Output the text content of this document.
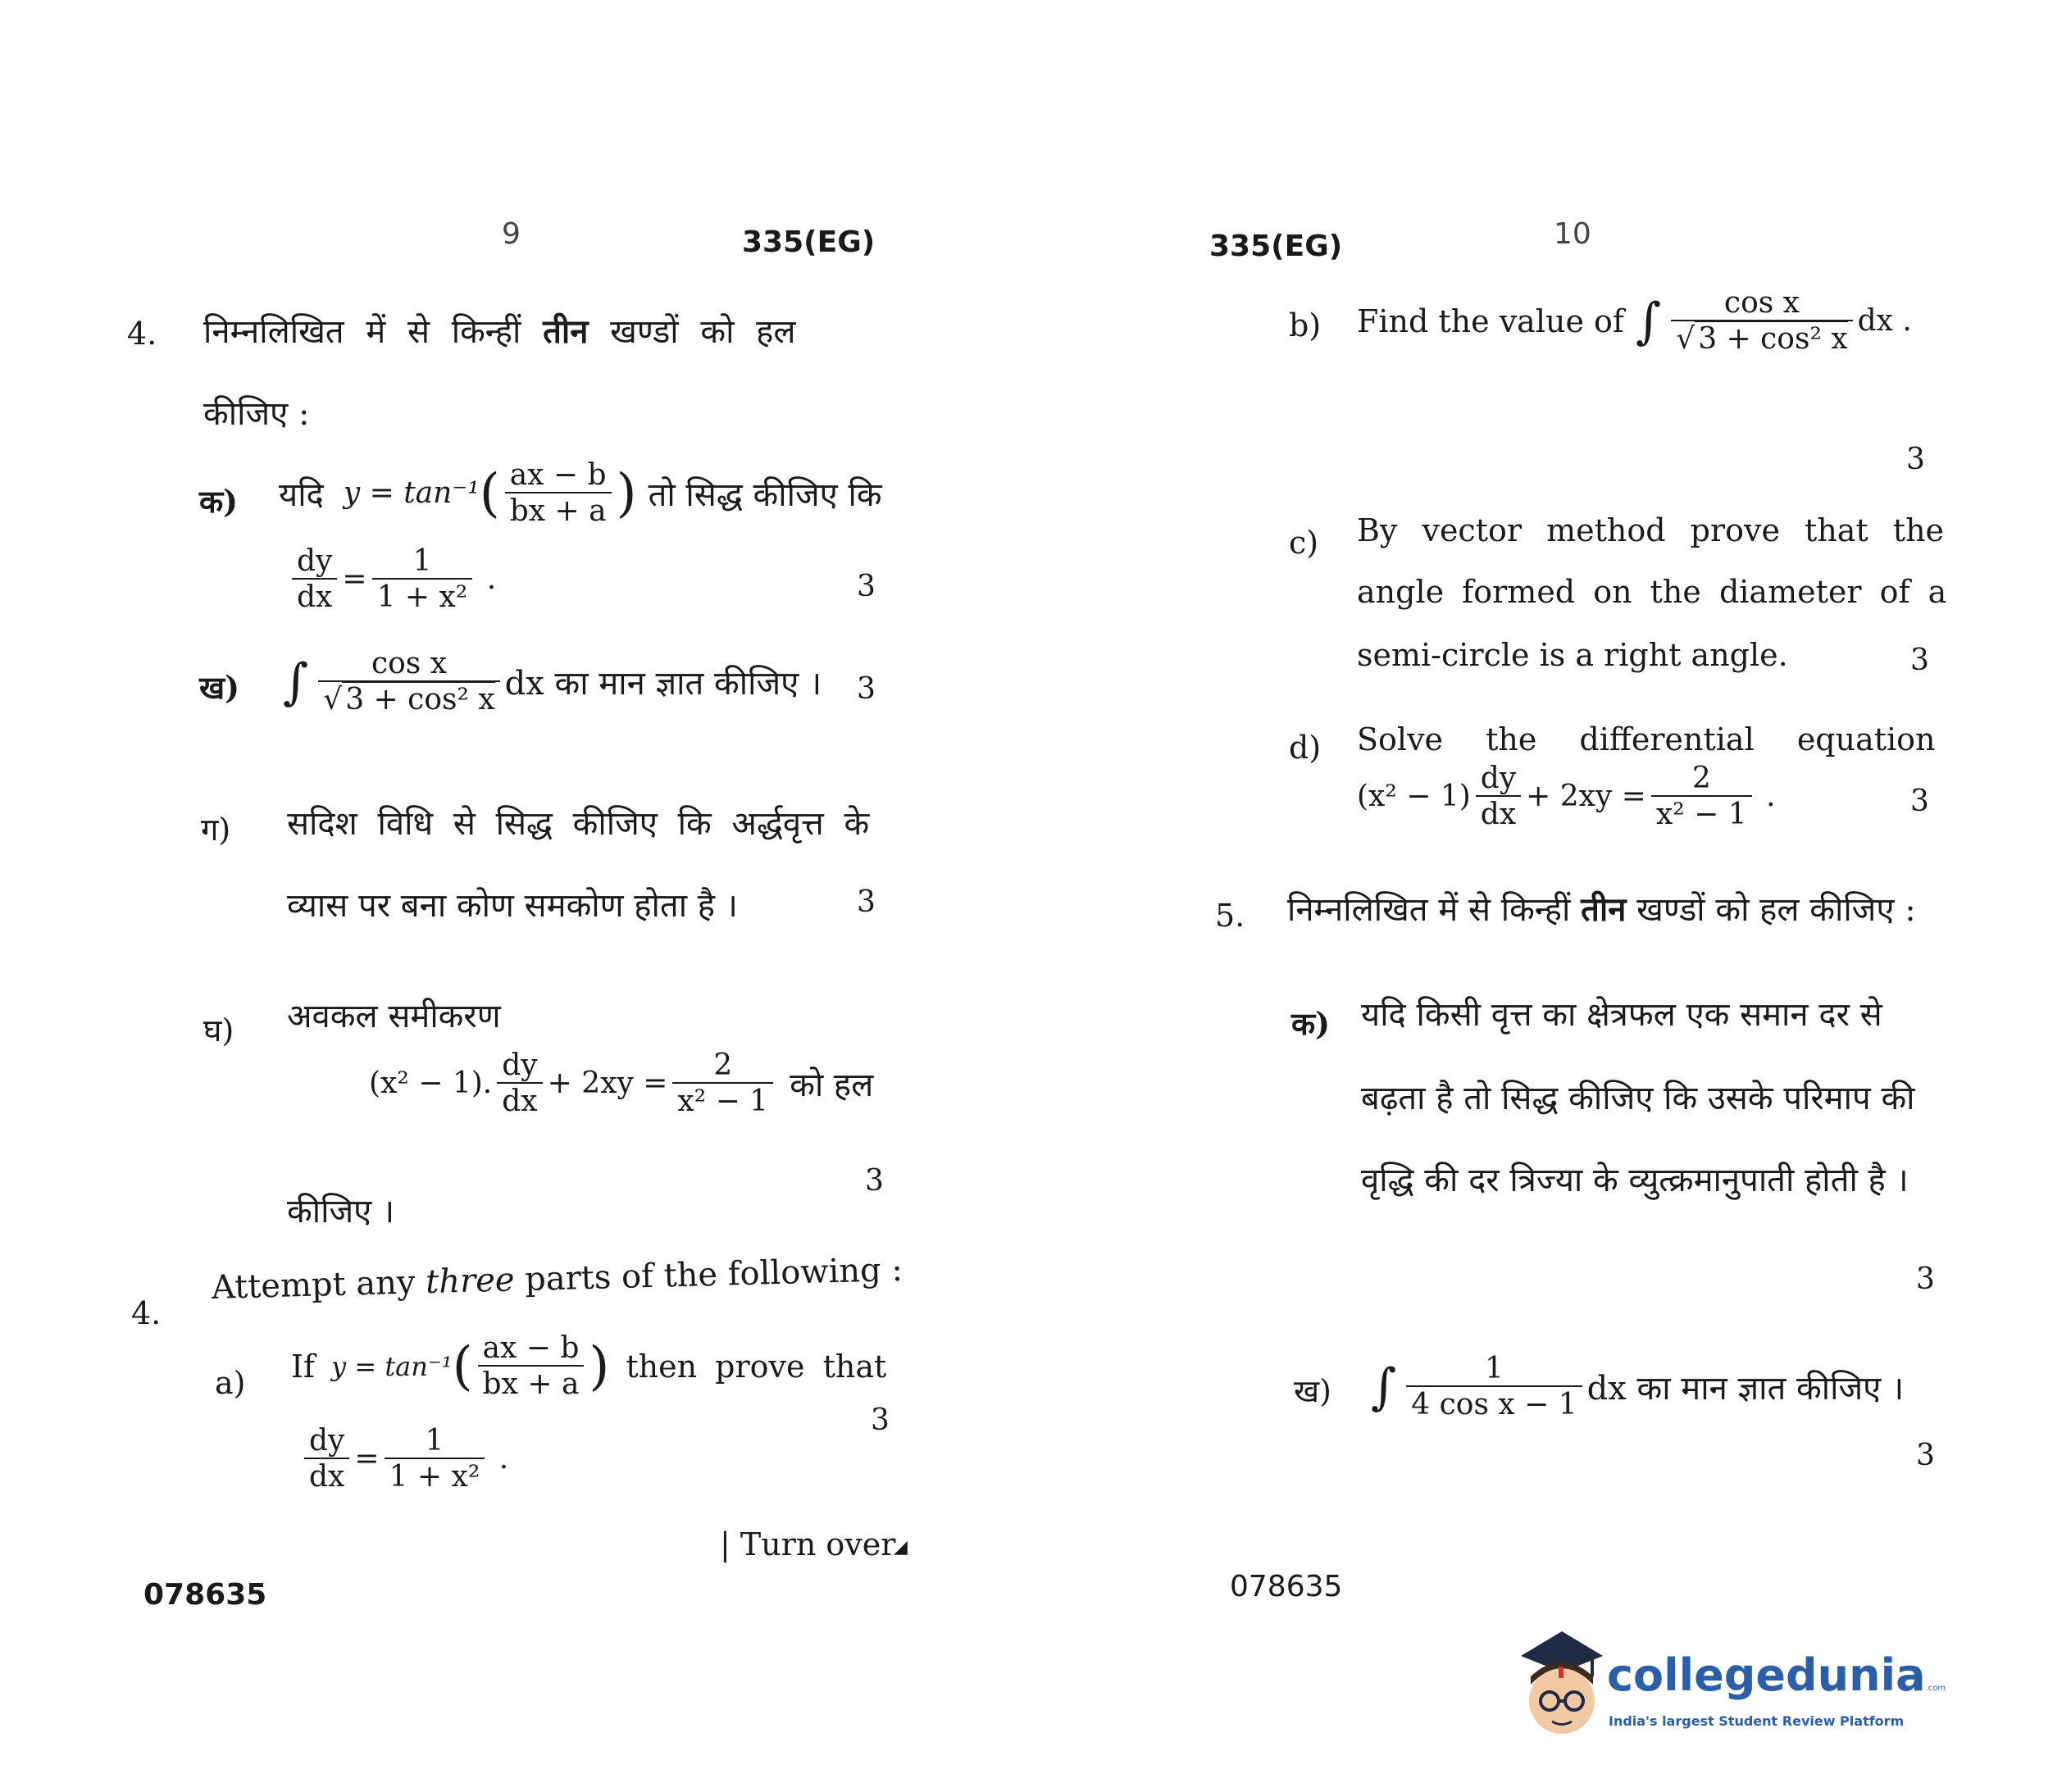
9	335(EG)
4. निम्नलिखित में से किन्हीं तीन खण्डों को हल
कीजिए :
क) यदि y = tan⁻¹ ( $\frac{ax - b}{bx + a}$ ) तो सिद्ध कीजिए कि
$\frac{dy}{dx} = \frac{1}{\text{1 + x²}}$ .	3
ख) ∫ $\frac{\text{cos x}}{\text{√ 3 + cos² x}}$ dx का मान ज्ञात कीजिए । 3
ग) सदिश विधि से सिद्ध कीजिए कि अर्द्धवृत्त के
व्यास पर बना कोण समकोण होता है ।	3
घ) अवकल समीकरण
(x² − 1) . $\frac{dy}{dx} + 2xy = \frac{2}{\text{x² − 1}}$ को हल
3
कीजिए ।
4.
Attempt any three parts of the following :
a) If y = tan⁻¹ ( $\frac{ax - b}{bx + a}$ ) then prove that
3
$\frac{dy}{dx} = \frac{1}{\text{1 + x²}}$ .
| Turn over
◢
078635
335(EG)	10
b) Find the value of ∫ $\frac{\text{cos x}}{\text{√ 3 + cos² x}}$ dx .
3
c) By vector method prove that the
angle formed on the diameter of a
semi-circle is a right angle.	3
d) Solve the differential equation
$(x^2 - 1) \frac{dy}{dx} + 2xy = \frac{2}{\text{x² − 1}}$ .	3
5. निम्नलिखित में से किन्हीं तीन खण्डों को हल कीजिए :
क) यदि किसी वृत्त का क्षेत्रफल एक समान दर से
बढ़ता है तो सिद्ध कीजिए कि उसके परिमाप की
वृद्धि की दर त्रिज्या के व्युत्क्रमानुपाती होती है ।
3
ख) ∫ $\frac{1}{\text{4 cos x − 1}}$ dx का मान ज्ञात कीजिए ।
3
078635
collegedunia.com
India's largest Student Review Platform
